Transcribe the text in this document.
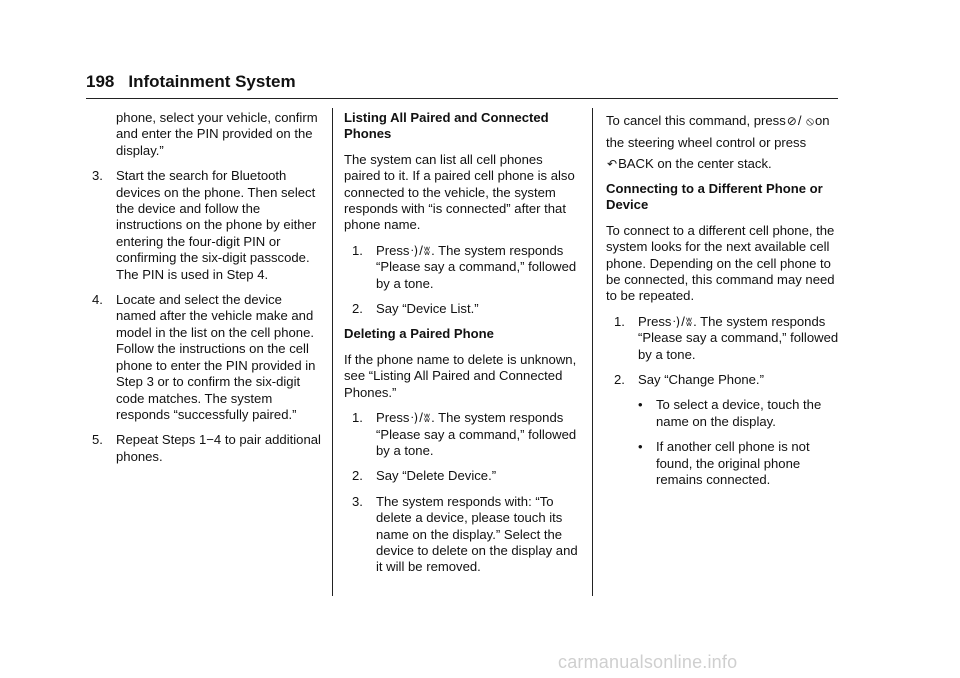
198 Infotainment System
phone, select your vehicle, confirm and enter the PIN provided on the display.”
3. Start the search for Bluetooth devices on the phone. Then select the device and follow the instructions on the phone by either entering the four-digit PIN or confirming the six-digit passcode. The PIN is used in Step 4.
4. Locate and select the device named after the vehicle make and model in the list on the cell phone. Follow the instructions on the cell phone to enter the PIN provided in Step 3 or to confirm the six-digit code matches. The system responds “successfully paired.”
5. Repeat Steps 1−4 to pair additional phones.
Listing All Paired and Connected Phones
The system can list all cell phones paired to it. If a paired cell phone is also connected to the vehicle, the system responds with “is connected” after that phone name.
1. Pressᐧ)/ʬ. The system responds “Please say a command,” followed by a tone.
2. Say “Device List.”
Deleting a Paired Phone
If the phone name to delete is unknown, see “Listing All Paired and Connected Phones.”
1. Pressᐧ)/ʬ. The system responds “Please say a command,” followed by a tone.
2. Say “Delete Device.”
3. The system responds with: “To delete a device, please touch its name on the display.” Select the device to delete on the display and it will be removed.
To cancel this command, press⊘/ ⦸on the steering wheel control or press ↶BACK on the center stack.
Connecting to a Different Phone or Device
To connect to a different cell phone, the system looks for the next available cell phone. Depending on the cell phone to be connected, this command may need to be repeated.
1. Pressᐧ)/ʬ. The system responds “Please say a command,” followed by a tone.
2. Say “Change Phone.”
• To select a device, touch the name on the display.
• If another cell phone is not found, the original phone remains connected.
carmanualsonline.info
